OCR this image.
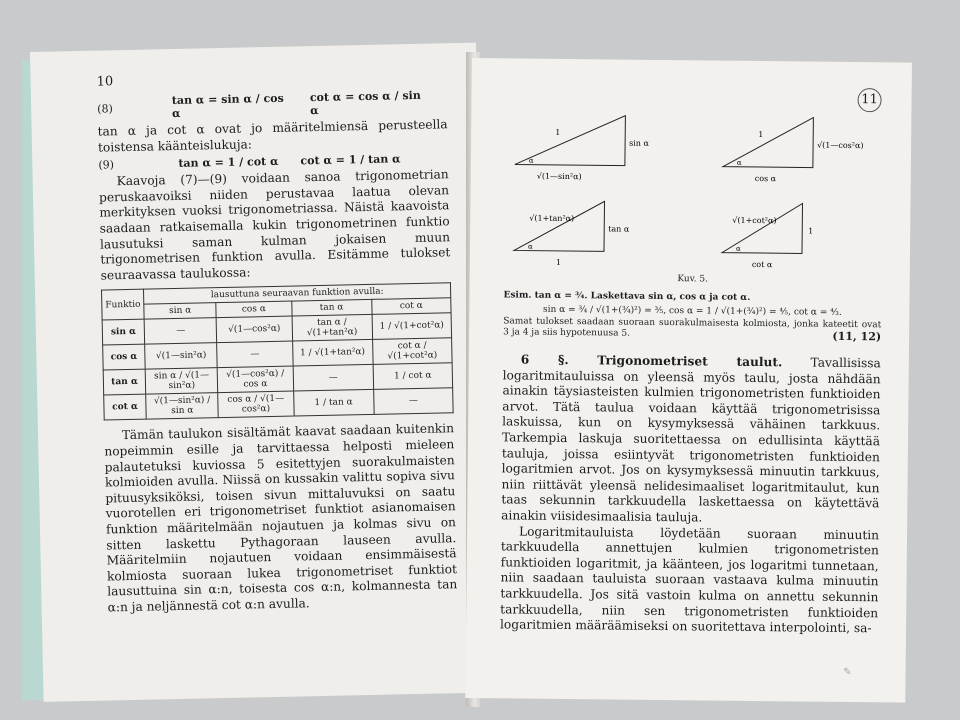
10
(8)
tan α = sin α / cos α
cot α = cos α / sin α

tan α ja cot α ovat jo määritelmiensä perusteella toistensa käänteislukuja:

(9)	tan α = 1 / cot α cot α = 1 / tan α

Kaavoja (7)—(9) voidaan sanoa trigonometrian peruskaavoiksi niiden perustavaa laatua olevan merkityksen vuoksi trigonometriassa. Näistä kaavoista saadaan ratkaisemalla kukin trigonometrinen funktio lausutuksi saman kulman jokaisen muun trigonometrisen funktion avulla. Esitämme tulokset seuraavassa taulukossa:

Funktio	lausuttuna seuraavan funktion avulla:			
	sin α	cos α	tan α	cot α
sin α	—	√(1—cos²α)	tan α / √(1+tan²α)	1 / √(1+cot²α)
cos α	√(1—sin²α)	—	1 / √(1+tan²α)	cot α / √(1+cot²α)
tan α	sin α / √(1—sin²α)	√(1—cos²α) / cos α	—	1 / cot α
cot α	√(1—sin²α) / sin α	cos α / √(1—cos²α)	1 / tan α	—

Tämän taulukon sisältämät kaavat saadaan kuitenkin nopeimmin esille ja tarvittaessa helposti mieleen palautetuksi kuviossa 5 esitettyjen suorakulmaisten kolmioiden avulla. Niissä on kussakin valittu sopiva sivu pituusyksiköksi, toisen sivun mittaluvuksi on saatu vuorotellen eri trigonometriset funktiot asianomaisen funktion määritelmään nojautuen ja kolmas sivu on sitten laskettu Pythagoraan lauseen avulla. Määritelmiin nojautuen voidaan ensimmäisestä kolmiosta suoraan lukea trigonometriset funktiot lausuttuina sin α:n, toisesta cos α:n, kolmannesta tan α:n ja neljännestä cot α:n avulla.

11
1
sin α
√(1—sin²α)
α
1
√(1—cos²α)
cos α
α
√(1+tan²α)
tan α
1
α
√(1+cot²α)
1
cot α
α
Kuv. 5.
Esim. tan α = ¾. Laskettava sin α, cos α ja cot α.
sin α = ¾ / √(1+(¾)²) = ⅗, cos α = 1 / √(1+(¾)²) = ⅘, cot α = ⁴⁄₃.

Samat tulokset saadaan suoraan suorakulmaisesta kolmiosta, jonka kateetit ovat 3 ja 4 ja siis hypotenuusa 5.	(11, 12)

6 §. Trigonometriset taulut. Tavallisissa logaritmitauluissa on yleensä myös taulu, josta nähdään ainakin täysiasteisten kulmien trigonometristen funktioiden arvot. Tätä taulua voidaan käyttää trigonometrisissa laskuissa, kun on kysymyksessä vähäinen tarkkuus. Tarkempia laskuja suoritettaessa on edullisinta käyttää tauluja, joissa esiintyvät trigonometristen funktioiden logaritmien arvot. Jos on kysymyksessä minuutin tarkkuus, niin riittävät yleensä nelidesimaaliset logaritmitaulut, kun taas sekunnin tarkkuudella laskettaessa on käytettävä ainakin viisidesimaalisia tauluja.

Logaritmitauluista löydetään suoraan minuutin tarkkuudella annettujen kulmien trigonometristen funktioiden logaritmit, ja käänteen, jos logaritmi tunnetaan, niin saadaan tauluista suoraan vastaava kulma minuutin tarkkuudella. Jos sitä vastoin kulma on annettu sekunnin tarkkuudella, niin sen trigonometristen funktioiden logaritmien määräämiseksi on suoritettava interpolointi, sa-

✎
